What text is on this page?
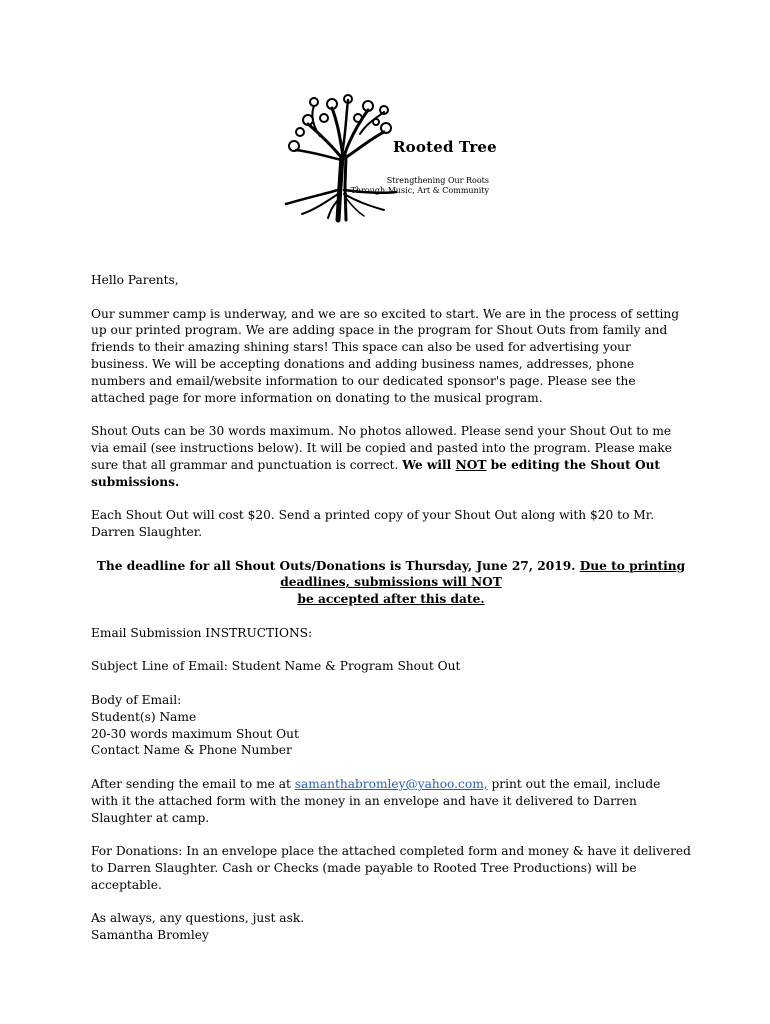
Rooted Tree
Strengthening Our Roots
Through Music, Art & Community

Hello Parents,

Our summer camp is underway, and we are so excited to start. We are in the process of setting up our printed program. We are adding space in the program for Shout Outs from family and friends to their amazing shining stars! This space can also be used for advertising your business. We will be accepting donations and adding business names, addresses, phone numbers and email/website information to our dedicated sponsor's page. Please see the attached page for more information on donating to the musical program.

Shout Outs can be 30 words maximum. No photos allowed. Please send your Shout Out to me via email (see instructions below). It will be copied and pasted into the program. Please make sure that all grammar and punctuation is correct. We will NOT be editing the Shout Out submissions.

Each Shout Out will cost $20. Send a printed copy of your Shout Out along with $20 to Mr. Darren Slaughter.

The deadline for all Shout Outs/Donations is Thursday, June 27, 2019. Due to printing deadlines, submissions will NOT
be accepted after this date.

Email Submission INSTRUCTIONS:

Subject Line of Email: Student Name & Program Shout Out

Body of Email:

Student(s) Name

20-30 words maximum Shout Out

Contact Name & Phone Number

After sending the email to me at samanthabromley@yahoo.com, print out the email, include with it the attached form with the money in an envelope and have it delivered to Darren Slaughter at camp.

For Donations: In an envelope place the attached completed form and money & have it delivered to Darren Slaughter. Cash or Checks (made payable to Rooted Tree Productions) will be acceptable.

As always, any questions, just ask.

Samantha Bromley
